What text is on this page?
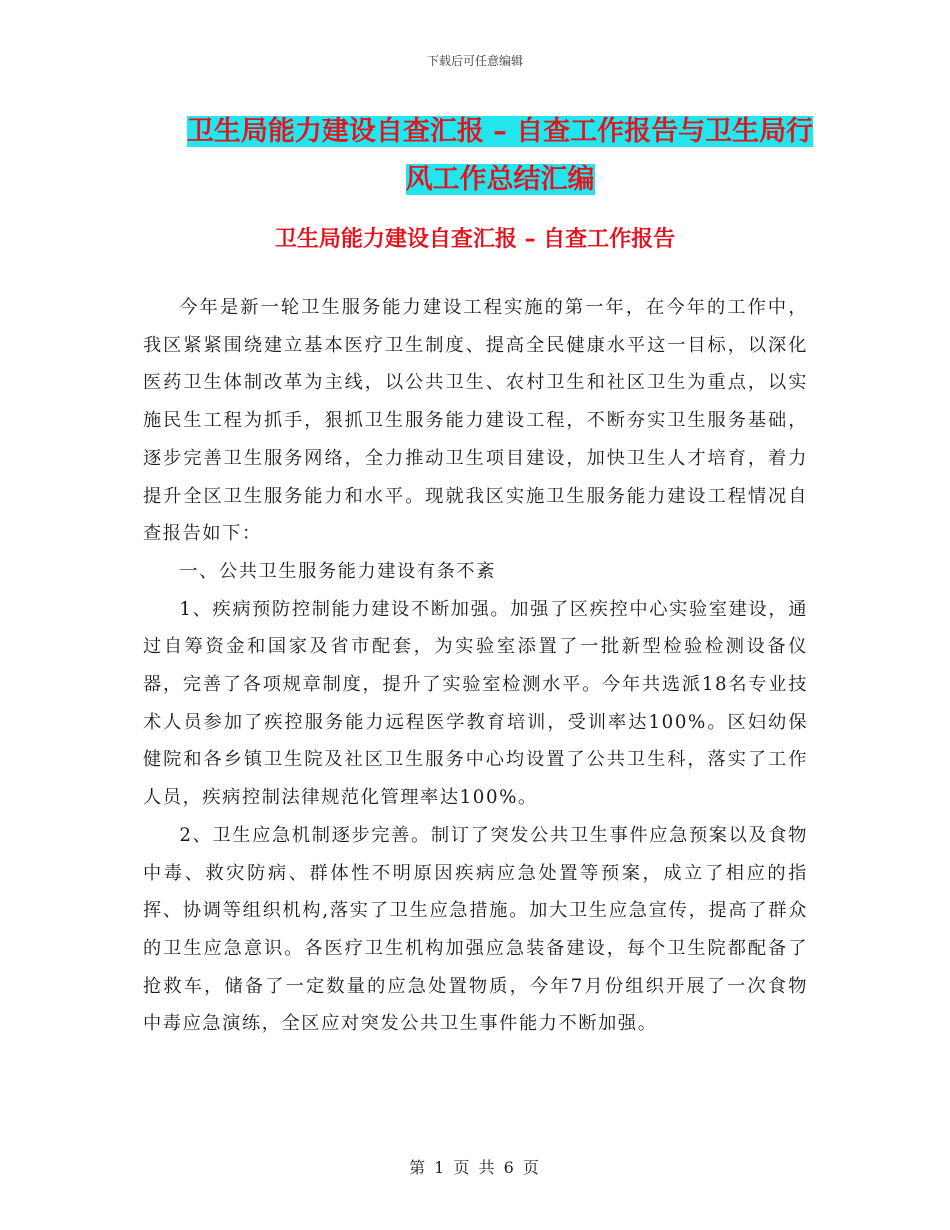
下载后可任意编辑
卫生局能力建设自查汇报 – 自查工作报告与卫生局行
风工作总结汇编
卫生局能力建设自查汇报 – 自查工作报告

今年是新一轮卫生服务能力建设工程实施的第一年，在今年的工作中，我区紧紧围绕建立基本医疗卫生制度、提高全民健康水平这一目标，以深化医药卫生体制改革为主线，以公共卫生、农村卫生和社区卫生为重点，以实施民生工程为抓手，狠抓卫生服务能力建设工程，不断夯实卫生服务基础，逐步完善卫生服务网络，全力推动卫生项目建设，加快卫生人才培育，着力提升全区卫生服务能力和水平。现就我区实施卫生服务能力建设工程情况自查报告如下：

一、公共卫生服务能力建设有条不紊

1、疾病预防控制能力建设不断加强。加强了区疾控中心实验室建设，通过自筹资金和国家及省市配套，为实验室添置了一批新型检验检测设备仪器，完善了各项规章制度，提升了实验室检测水平。今年共选派18名专业技术人员参加了疾控服务能力远程医学教育培训，受训率达100%。区妇幼保健院和各乡镇卫生院及社区卫生服务中心均设置了公共卫生科，落实了工作人员，疾病控制法律规范化管理率达100%。

2、卫生应急机制逐步完善。制订了突发公共卫生事件应急预案以及食物中毒、救灾防病、群体性不明原因疾病应急处置等预案，成立了相应的指挥、协调等组织机构,落实了卫生应急措施。加大卫生应急宣传，提高了群众的卫生应急意识。各医疗卫生机构加强应急装备建设，每个卫生院都配备了抢救车，储备了一定数量的应急处置物质，今年7月份组织开展了一次食物中毒应急演练，全区应对突发公共卫生事件能力不断加强。

第 1 页 共 6 页
